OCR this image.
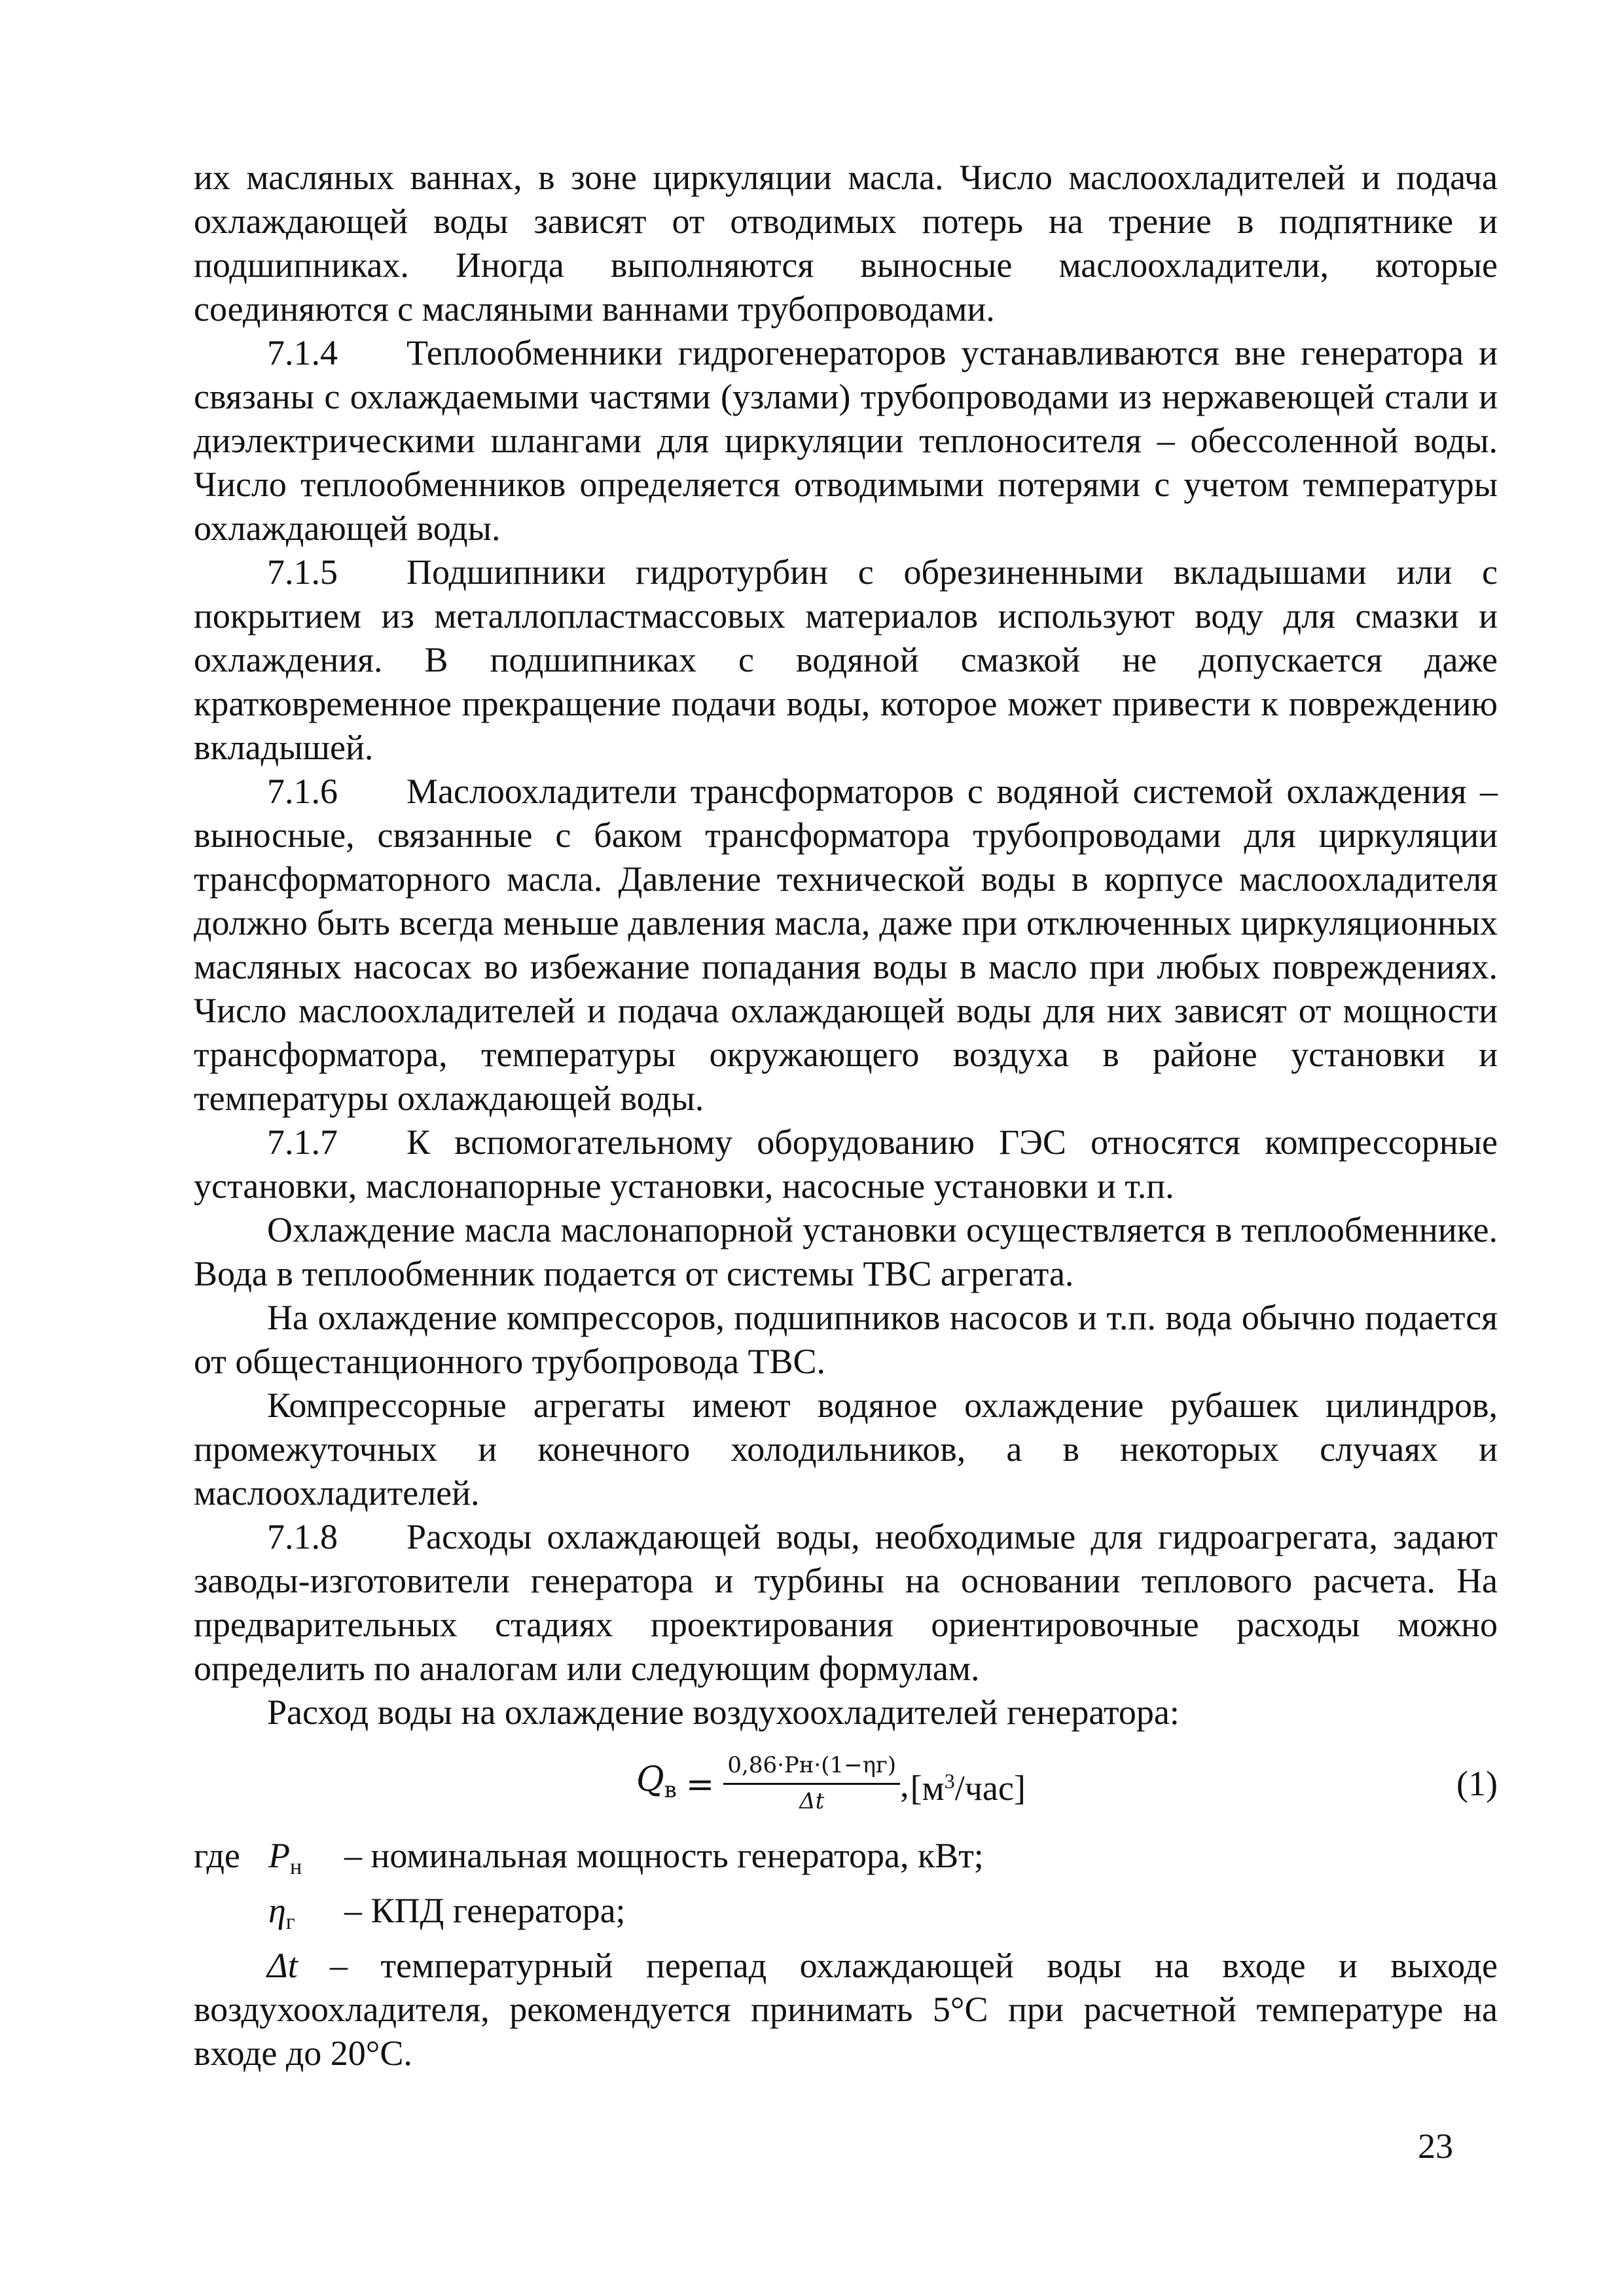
их масляных ваннах, в зоне циркуляции масла. Число маслоохладителей и подача охлаждающей воды зависят от отводимых потерь на трение в подпятнике и подшипниках. Иногда выполняются выносные маслоохладители, которые соединяются с масляными ваннами трубопроводами.

7.1.4 Теплообменники гидрогенераторов устанавливаются вне генератора и связаны с охлаждаемыми частями (узлами) трубопроводами из нержавеющей стали и диэлектрическими шлангами для циркуляции теплоносителя – обессоленной воды. Число теплообменников определяется отводимыми потерями с учетом температуры охлаждающей воды.

7.1.5 Подшипники гидротурбин с обрезиненными вкладышами или с покрытием из металлопластмассовых материалов используют воду для смазки и охлаждения. В подшипниках с водяной смазкой не допускается даже кратковременное прекращение подачи воды, которое может привести к повреждению вкладышей.

7.1.6 Маслоохладители трансформаторов с водяной системой охлаждения – выносные, связанные с баком трансформатора трубопроводами для циркуляции трансформаторного масла. Давление технической воды в корпусе маслоохладителя должно быть всегда меньше давления масла, даже при отключенных циркуляционных масляных насосах во избежание попадания воды в масло при любых повреждениях. Число маслоохладителей и подача охлаждающей воды для них зависят от мощности трансформатора, температуры окружающего воздуха в районе установки и температуры охлаждающей воды.

7.1.7 К вспомогательному оборудованию ГЭС относятся компрессорные установки, маслонапорные установки, насосные установки и т.п.

Охлаждение масла маслонапорной установки осуществляется в теплообменнике. Вода в теплообменник подается от системы ТВС агрегата.

На охлаждение компрессоров, подшипников насосов и т.п. вода обычно подается от общестанционного трубопровода ТВС.

Компрессорные агрегаты имеют водяное охлаждение рубашек цилиндров, промежуточных и конечного холодильников, а в некоторых случаях и маслоохладителей.

7.1.8 Расходы охлаждающей воды, необходимые для гидроагрегата, задают заводы-изготовители генератора и турбины на основании теплового расчета. На предварительных стадиях проектирования ориентировочные расходы можно определить по аналогам или следующим формулам.

Расход воды на охлаждение воздухоохладителей генератора:

$Q_в = \frac{0,86\cdot Pн\cdot(1-\eta г)}{\Delta t}$ , $[м^3/час]$	(1)

где $P_н$ – номинальная мощность генератора, кВт;

$\eta_г$ – КПД генератора;

Δt – температурный перепад охлаждающей воды на входе и выходе воздухоохладителя, рекомендуется принимать 5°С при расчетной температуре на входе до 20°С.

23
